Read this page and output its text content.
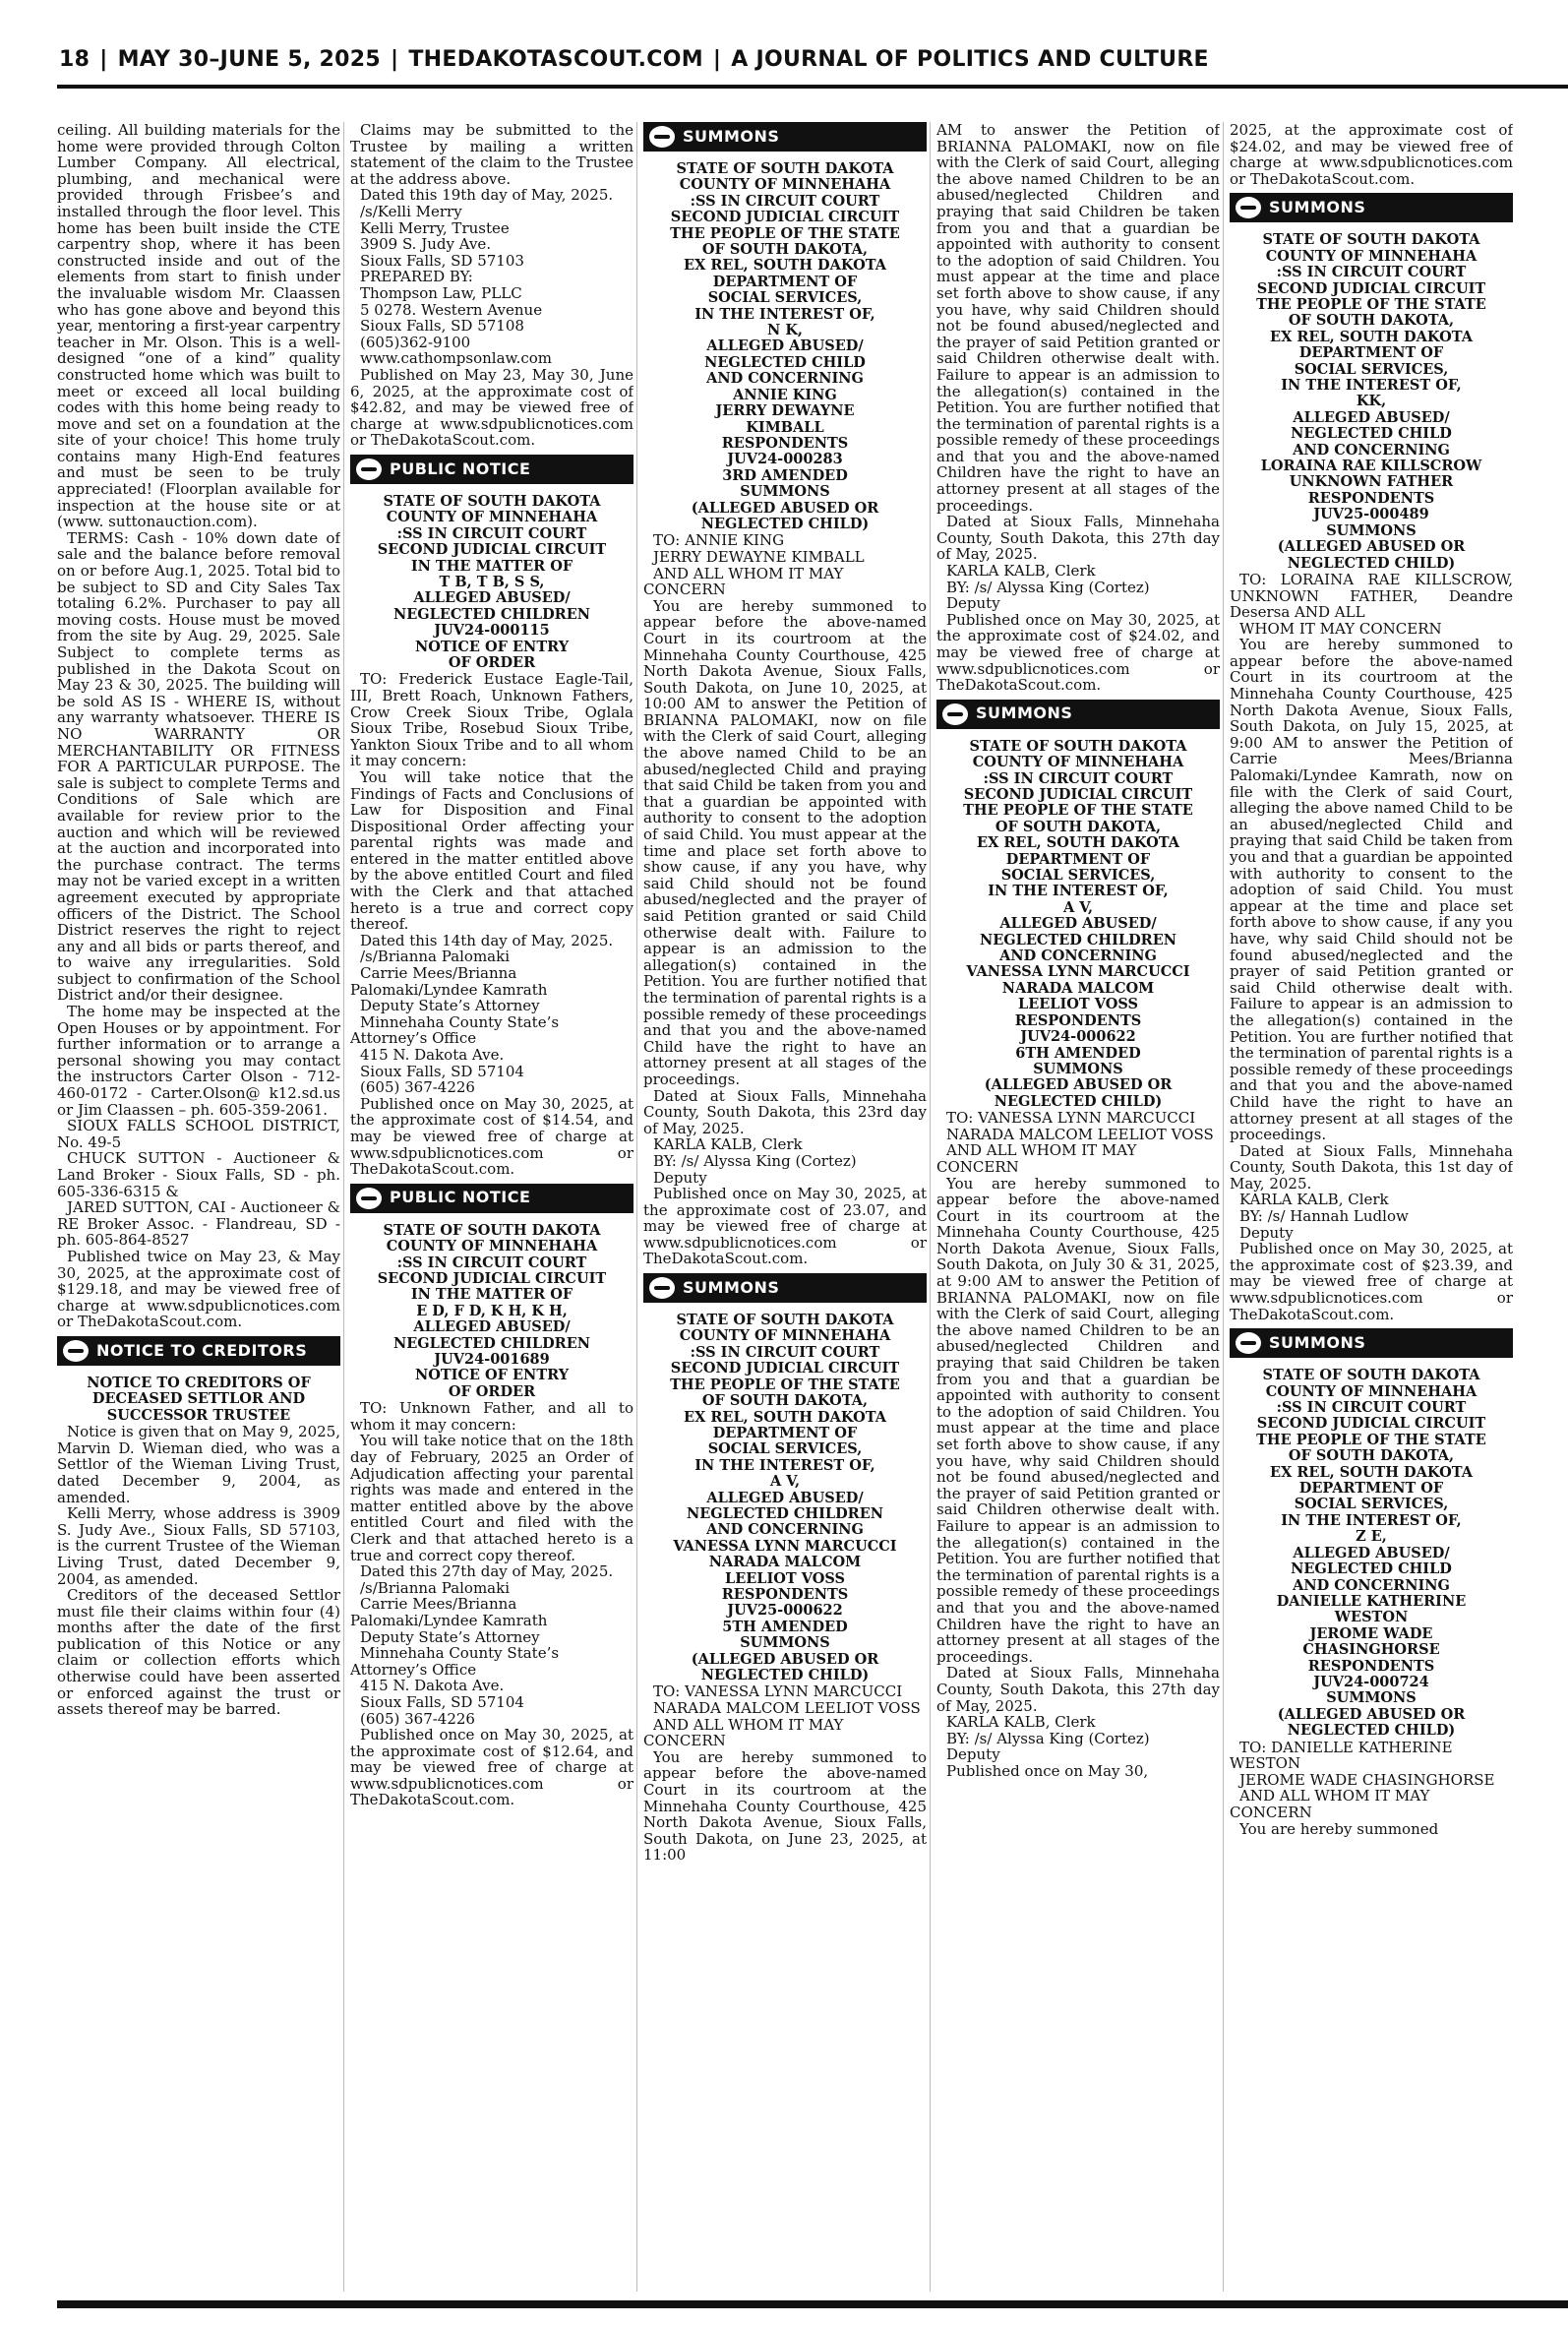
18 | MAY 30–JUNE 5, 2025 | THEDAKOTASCOUT.COM | A JOURNAL OF POLITICS AND CULTURE

ceiling. All building materials for the home were provided through Colton Lumber Company. All electrical, plumbing, and mechanical were provided through Frisbee’s and installed through the floor level. This home has been built inside the CTE carpentry shop, where it has been constructed inside and out of the elements from start to finish under the invaluable wisdom Mr. Claassen who has gone above and beyond this year, mentoring a first-year carpentry teacher in Mr. Olson. This is a well-designed “one of a kind” quality constructed home which was built to meet or exceed all local building codes with this home being ready to move and set on a foundation at the site of your choice! This home truly contains many High-End features and must be seen to be truly appreciated! (Floorplan available for inspection at the house site or at (www. suttonauction.com).

TERMS: Cash - 10% down date of sale and the balance before removal on or before Aug.1, 2025. Total bid to be subject to SD and City Sales Tax totaling 6.2%. Purchaser to pay all moving costs. House must be moved from the site by Aug. 29, 2025. Sale Subject to complete terms as published in the Dakota Scout on May 23 & 30, 2025. The building will be sold AS IS - WHERE IS, without any warranty whatsoever. THERE IS NO WARRANTY OR MERCHANTABILITY OR FITNESS FOR A PARTICULAR PURPOSE. The sale is subject to complete Terms and Conditions of Sale which are available for review prior to the auction and which will be reviewed at the auction and incorporated into the purchase contract. The terms may not be varied except in a written agreement executed by appropriate officers of the District. The School District reserves the right to reject any and all bids or parts thereof, and to waive any irregularities. Sold subject to confirmation of the School District and/or their designee.

The home may be inspected at the Open Houses or by appointment. For further information or to arrange a personal showing you may contact the instructors Carter Olson - 712-460-0172 - Carter.Olson@ k12.sd.us or Jim Claassen – ph. 605-359-2061.

SIOUX FALLS SCHOOL DISTRICT, No. 49-5

CHUCK SUTTON - Auctioneer & Land Broker - Sioux Falls, SD - ph. 605-336-6315 &

JARED SUTTON, CAI - Auctioneer & RE Broker Assoc. - Flandreau, SD - ph. 605-864-8527

Published twice on May 23, & May 30, 2025, at the approximate cost of $129.18, and may be viewed free of charge at www.sdpublicnotices.com or TheDakotaScout.com.

NOTICE TO CREDITORS
NOTICE TO CREDITORS OF
DECEASED SETTLOR AND
SUCCESSOR TRUSTEE

Notice is given that on May 9, 2025, Marvin D. Wieman died, who was a Settlor of the Wieman Living Trust, dated December 9, 2004, as amended.

Kelli Merry, whose address is 3909 S. Judy Ave., Sioux Falls, SD 57103, is the current Trustee of the Wieman Living Trust, dated December 9, 2004, as amended.

Creditors of the deceased Settlor must file their claims within four (4) months after the date of the first publication of this Notice or any claim or collection efforts which otherwise could have been asserted or enforced against the trust or assets thereof may be barred.

Claims may be submitted to the Trustee by mailing a written statement of the claim to the Trustee at the address above.

Dated this 19th day of May, 2025.

/s/Kelli Merry

Kelli Merry, Trustee

3909 S. Judy Ave.

Sioux Falls, SD 57103

PREPARED BY:

Thompson Law, PLLC

5 0278. Western Avenue

Sioux Falls, SD 57108

(605)362-9100

www.cathompsonlaw.com

Published on May 23, May 30, June 6, 2025, at the approximate cost of $42.82, and may be viewed free of charge at www.sdpublicnotices.com or TheDakotaScout.com.

PUBLIC NOTICE
STATE OF SOUTH DAKOTA
COUNTY OF MINNEHAHA
:SS IN CIRCUIT COURT
SECOND JUDICIAL CIRCUIT
IN THE MATTER OF
T B, T B, S S,
ALLEGED ABUSED/
NEGLECTED CHILDREN
JUV24-000115
NOTICE OF ENTRY
OF ORDER

TO: Frederick Eustace Eagle-Tail, III, Brett Roach, Unknown Fathers, Crow Creek Sioux Tribe, Oglala Sioux Tribe, Rosebud Sioux Tribe, Yankton Sioux Tribe and to all whom it may concern:

You will take notice that the Findings of Facts and Conclusions of Law for Disposition and Final Dispositional Order affecting your parental rights was made and entered in the matter entitled above by the above entitled Court and filed with the Clerk and that attached hereto is a true and correct copy thereof.

Dated this 14th day of May, 2025.

/s/Brianna Palomaki

Carrie Mees/Brianna Palomaki/Lyndee Kamrath

Deputy State’s Attorney

Minnehaha County State’s Attorney’s Office

415 N. Dakota Ave.

Sioux Falls, SD 57104

(605) 367-4226

Published once on May 30, 2025, at the approximate cost of $14.54, and may be viewed free of charge at www.sdpublicnotices.com or TheDakotaScout.com.

PUBLIC NOTICE
STATE OF SOUTH DAKOTA
COUNTY OF MINNEHAHA
:SS IN CIRCUIT COURT
SECOND JUDICIAL CIRCUIT
IN THE MATTER OF
E D, F D, K H, K H,
ALLEGED ABUSED/
NEGLECTED CHILDREN
JUV24-001689
NOTICE OF ENTRY
OF ORDER

TO: Unknown Father, and all to whom it may concern:

You will take notice that on the 18th day of February, 2025 an Order of Adjudication affecting your parental rights was made and entered in the matter entitled above by the above entitled Court and filed with the Clerk and that attached hereto is a true and correct copy thereof.

Dated this 27th day of May, 2025.

/s/Brianna Palomaki

Carrie Mees/Brianna Palomaki/Lyndee Kamrath

Deputy State’s Attorney

Minnehaha County State’s Attorney’s Office

415 N. Dakota Ave.

Sioux Falls, SD 57104

(605) 367-4226

Published once on May 30, 2025, at the approximate cost of $12.64, and may be viewed free of charge at www.sdpublicnotices.com or TheDakotaScout.com.

SUMMONS
STATE OF SOUTH DAKOTA
COUNTY OF MINNEHAHA
:SS IN CIRCUIT COURT
SECOND JUDICIAL CIRCUIT
THE PEOPLE OF THE STATE
OF SOUTH DAKOTA,
EX REL, SOUTH DAKOTA
DEPARTMENT OF
SOCIAL SERVICES,
IN THE INTEREST OF,
N K,
ALLEGED ABUSED/
NEGLECTED CHILD
AND CONCERNING
ANNIE KING
JERRY DEWAYNE
KIMBALL
RESPONDENTS
JUV24-000283
3RD AMENDED
SUMMONS
(ALLEGED ABUSED OR
NEGLECTED CHILD)

TO: ANNIE KING

JERRY DEWAYNE KIMBALL

AND ALL WHOM IT MAY CONCERN

You are hereby summoned to appear before the above-named Court in its courtroom at the Minnehaha County Courthouse, 425 North Dakota Avenue, Sioux Falls, South Dakota, on June 10, 2025, at 10:00 AM to answer the Petition of BRIANNA PALOMAKI, now on file with the Clerk of said Court, alleging the above named Child to be an abused/neglected Child and praying that said Child be taken from you and that a guardian be appointed with authority to consent to the adoption of said Child. You must appear at the time and place set forth above to show cause, if any you have, why said Child should not be found abused/neglected and the prayer of said Petition granted or said Child otherwise dealt with. Failure to appear is an admission to the allegation(s) contained in the Petition. You are further notified that the termination of parental rights is a possible remedy of these proceedings and that you and the above-named Child have the right to have an attorney present at all stages of the proceedings.

Dated at Sioux Falls, Minnehaha County, South Dakota, this 23rd day of May, 2025.

KARLA KALB, Clerk

BY: /s/ Alyssa King (Cortez)

Deputy

Published once on May 30, 2025, at the approximate cost of 23.07, and may be viewed free of charge at www.sdpublicnotices.com or TheDakotaScout.com.

SUMMONS
STATE OF SOUTH DAKOTA
COUNTY OF MINNEHAHA
:SS IN CIRCUIT COURT
SECOND JUDICIAL CIRCUIT
THE PEOPLE OF THE STATE
OF SOUTH DAKOTA,
EX REL, SOUTH DAKOTA
DEPARTMENT OF
SOCIAL SERVICES,
IN THE INTEREST OF,
A V,
ALLEGED ABUSED/
NEGLECTED CHILDREN
AND CONCERNING
VANESSA LYNN MARCUCCI
NARADA MALCOM
LEELIOT VOSS
RESPONDENTS
JUV25-000622
5TH AMENDED
SUMMONS
(ALLEGED ABUSED OR
NEGLECTED CHILD)

TO: VANESSA LYNN MARCUCCI

NARADA MALCOM LEELIOT VOSS

AND ALL WHOM IT MAY CONCERN

You are hereby summoned to appear before the above-named Court in its courtroom at the Minnehaha County Courthouse, 425 North Dakota Avenue, Sioux Falls, South Dakota, on June 23, 2025, at 11:00

AM to answer the Petition of BRIANNA PALOMAKI, now on file with the Clerk of said Court, alleging the above named Children to be an abused/neglected Children and praying that said Children be taken from you and that a guardian be appointed with authority to consent to the adoption of said Children. You must appear at the time and place set forth above to show cause, if any you have, why said Children should not be found abused/neglected and the prayer of said Petition granted or said Children otherwise dealt with. Failure to appear is an admission to the allegation(s) contained in the Petition. You are further notified that the termination of parental rights is a possible remedy of these proceedings and that you and the above-named Children have the right to have an attorney present at all stages of the proceedings.

Dated at Sioux Falls, Minnehaha County, South Dakota, this 27th day of May, 2025.

KARLA KALB, Clerk

BY: /s/ Alyssa King (Cortez)

Deputy

Published once on May 30, 2025, at the approximate cost of $24.02, and may be viewed free of charge at www.sdpublicnotices.com or TheDakotaScout.com.

SUMMONS
STATE OF SOUTH DAKOTA
COUNTY OF MINNEHAHA
:SS IN CIRCUIT COURT
SECOND JUDICIAL CIRCUIT
THE PEOPLE OF THE STATE
OF SOUTH DAKOTA,
EX REL, SOUTH DAKOTA
DEPARTMENT OF
SOCIAL SERVICES,
IN THE INTEREST OF,
A V,
ALLEGED ABUSED/
NEGLECTED CHILDREN
AND CONCERNING
VANESSA LYNN MARCUCCI
NARADA MALCOM
LEELIOT VOSS
RESPONDENTS
JUV24-000622
6TH AMENDED
SUMMONS
(ALLEGED ABUSED OR
NEGLECTED CHILD)

TO: VANESSA LYNN MARCUCCI

NARADA MALCOM LEELIOT VOSS

AND ALL WHOM IT MAY CONCERN

You are hereby summoned to appear before the above-named Court in its courtroom at the Minnehaha County Courthouse, 425 North Dakota Avenue, Sioux Falls, South Dakota, on July 30 & 31, 2025, at 9:00 AM to answer the Petition of BRIANNA PALOMAKI, now on file with the Clerk of said Court, alleging the above named Children to be an abused/neglected Children and praying that said Children be taken from you and that a guardian be appointed with authority to consent to the adoption of said Children. You must appear at the time and place set forth above to show cause, if any you have, why said Children should not be found abused/neglected and the prayer of said Petition granted or said Children otherwise dealt with. Failure to appear is an admission to the allegation(s) contained in the Petition. You are further notified that the termination of parental rights is a possible remedy of these proceedings and that you and the above-named Children have the right to have an attorney present at all stages of the proceedings.

Dated at Sioux Falls, Minnehaha County, South Dakota, this 27th day of May, 2025.

KARLA KALB, Clerk

BY: /s/ Alyssa King (Cortez)

Deputy

Published once on May 30,

2025, at the approximate cost of $24.02, and may be viewed free of charge at www.sdpublicnotices.com or TheDakotaScout.com.

SUMMONS
STATE OF SOUTH DAKOTA
COUNTY OF MINNEHAHA
:SS IN CIRCUIT COURT
SECOND JUDICIAL CIRCUIT
THE PEOPLE OF THE STATE
OF SOUTH DAKOTA,
EX REL, SOUTH DAKOTA
DEPARTMENT OF
SOCIAL SERVICES,
IN THE INTEREST OF,
KK,
ALLEGED ABUSED/
NEGLECTED CHILD
AND CONCERNING
LORAINA RAE KILLSCROW
UNKNOWN FATHER
RESPONDENTS
JUV25-000489
SUMMONS
(ALLEGED ABUSED OR
NEGLECTED CHILD)

TO: LORAINA RAE KILLSCROW, UNKNOWN FATHER, Deandre Desersa AND ALL

WHOM IT MAY CONCERN

You are hereby summoned to appear before the above-named Court in its courtroom at the Minnehaha County Courthouse, 425 North Dakota Avenue, Sioux Falls, South Dakota, on July 15, 2025, at 9:00 AM to answer the Petition of Carrie Mees/Brianna Palomaki/Lyndee Kamrath, now on file with the Clerk of said Court, alleging the above named Child to be an abused/neglected Child and praying that said Child be taken from you and that a guardian be appointed with authority to consent to the adoption of said Child. You must appear at the time and place set forth above to show cause, if any you have, why said Child should not be found abused/neglected and the prayer of said Petition granted or said Child otherwise dealt with. Failure to appear is an admission to the allegation(s) contained in the Petition. You are further notified that the termination of parental rights is a possible remedy of these proceedings and that you and the above-named Child have the right to have an attorney present at all stages of the proceedings.

Dated at Sioux Falls, Minnehaha County, South Dakota, this 1st day of May, 2025.

KARLA KALB, Clerk

BY: /s/ Hannah Ludlow

Deputy

Published once on May 30, 2025, at the approximate cost of $23.39, and may be viewed free of charge at www.sdpublicnotices.com or TheDakotaScout.com.

SUMMONS
STATE OF SOUTH DAKOTA
COUNTY OF MINNEHAHA
:SS IN CIRCUIT COURT
SECOND JUDICIAL CIRCUIT
THE PEOPLE OF THE STATE
OF SOUTH DAKOTA,
EX REL, SOUTH DAKOTA
DEPARTMENT OF
SOCIAL SERVICES,
IN THE INTEREST OF,
Z E,
ALLEGED ABUSED/
NEGLECTED CHILD
AND CONCERNING
DANIELLE KATHERINE
WESTON
JEROME WADE
CHASINGHORSE
RESPONDENTS
JUV24-000724
SUMMONS
(ALLEGED ABUSED OR
NEGLECTED CHILD)

TO: DANIELLE KATHERINE WESTON

JEROME WADE CHASINGHORSE

AND ALL WHOM IT MAY CONCERN

You are hereby summoned
